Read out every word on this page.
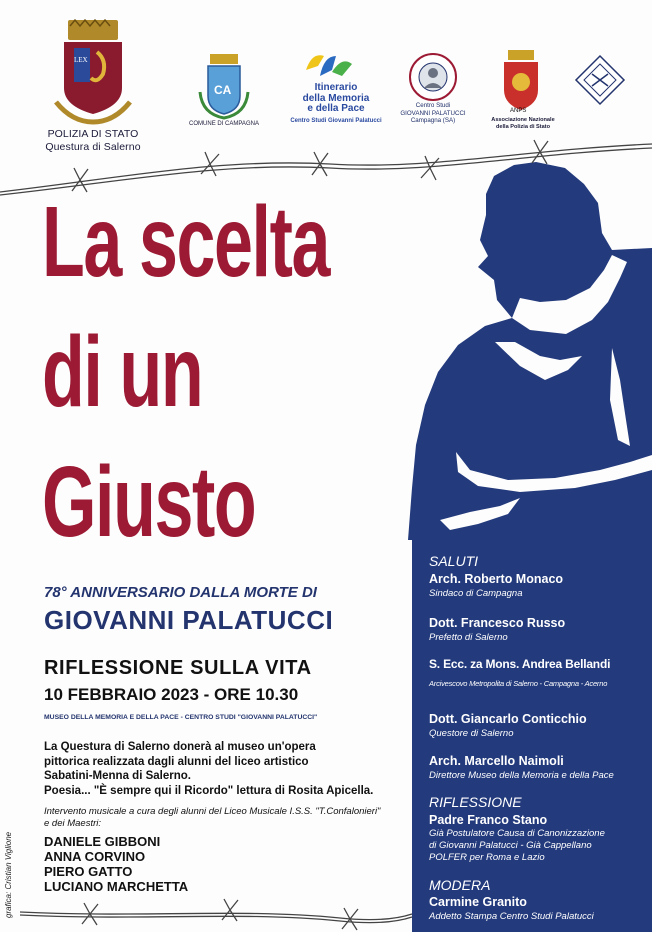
LEX
POLIZIA DI STATO
Questura di Salerno
CA
COMUNE DI CAMPAGNA
Itinerario
della Memoria
e della Pace
Centro Studi Giovanni Palatucci
Centro Studi
GIOVANNI PALATUCCI
Campagna (SA)
ANPS
Associazione Nazionale
della Polizia di Stato
La scelta
di un
Giusto
78° ANNIVERSARIO DALLA MORTE DI
GIOVANNI PALATUCCI
RIFLESSIONE SULLA VITA
10 FEBBRAIO 2023 - ORE 10.30
MUSEO DELLA MEMORIA E DELLA PACE - CENTRO STUDI "GIOVANNI PALATUCCI"
La Questura di Salerno donerà al museo un'opera
pittorica realizzata dagli alunni del liceo artistico
Sabatini-Menna di Salerno.
Poesia... "È sempre qui il Ricordo" lettura di Rosita Apicella.
Intervento musicale a cura degli alunni del Liceo Musicale I.S.S. "T.Confalonieri"
e dei Maestri:
DANIELE GIBBONI
ANNA CORVINO
PIERO GATTO
LUCIANO MARCHETTA
grafica: Cristian Viglione
SALUTI
Arch. Roberto Monaco
Sindaco di Campagna
Dott. Francesco Russo
Prefetto di Salerno
S. Ecc. za Mons. Andrea Bellandi
Arcivescovo Metropolita di Salerno - Campagna - Acerno
Dott. Giancarlo Conticchio
Questore di Salerno
Arch. Marcello Naimoli
Direttore Museo della Memoria e della Pace
RIFLESSIONE
Padre Franco Stano
Già Postulatore Causa di Canonizzazione
di Giovanni Palatucci - Già Cappellano
POLFER per Roma e Lazio
MODERA
Carmine Granito
Addetto Stampa Centro Studi Palatucci
